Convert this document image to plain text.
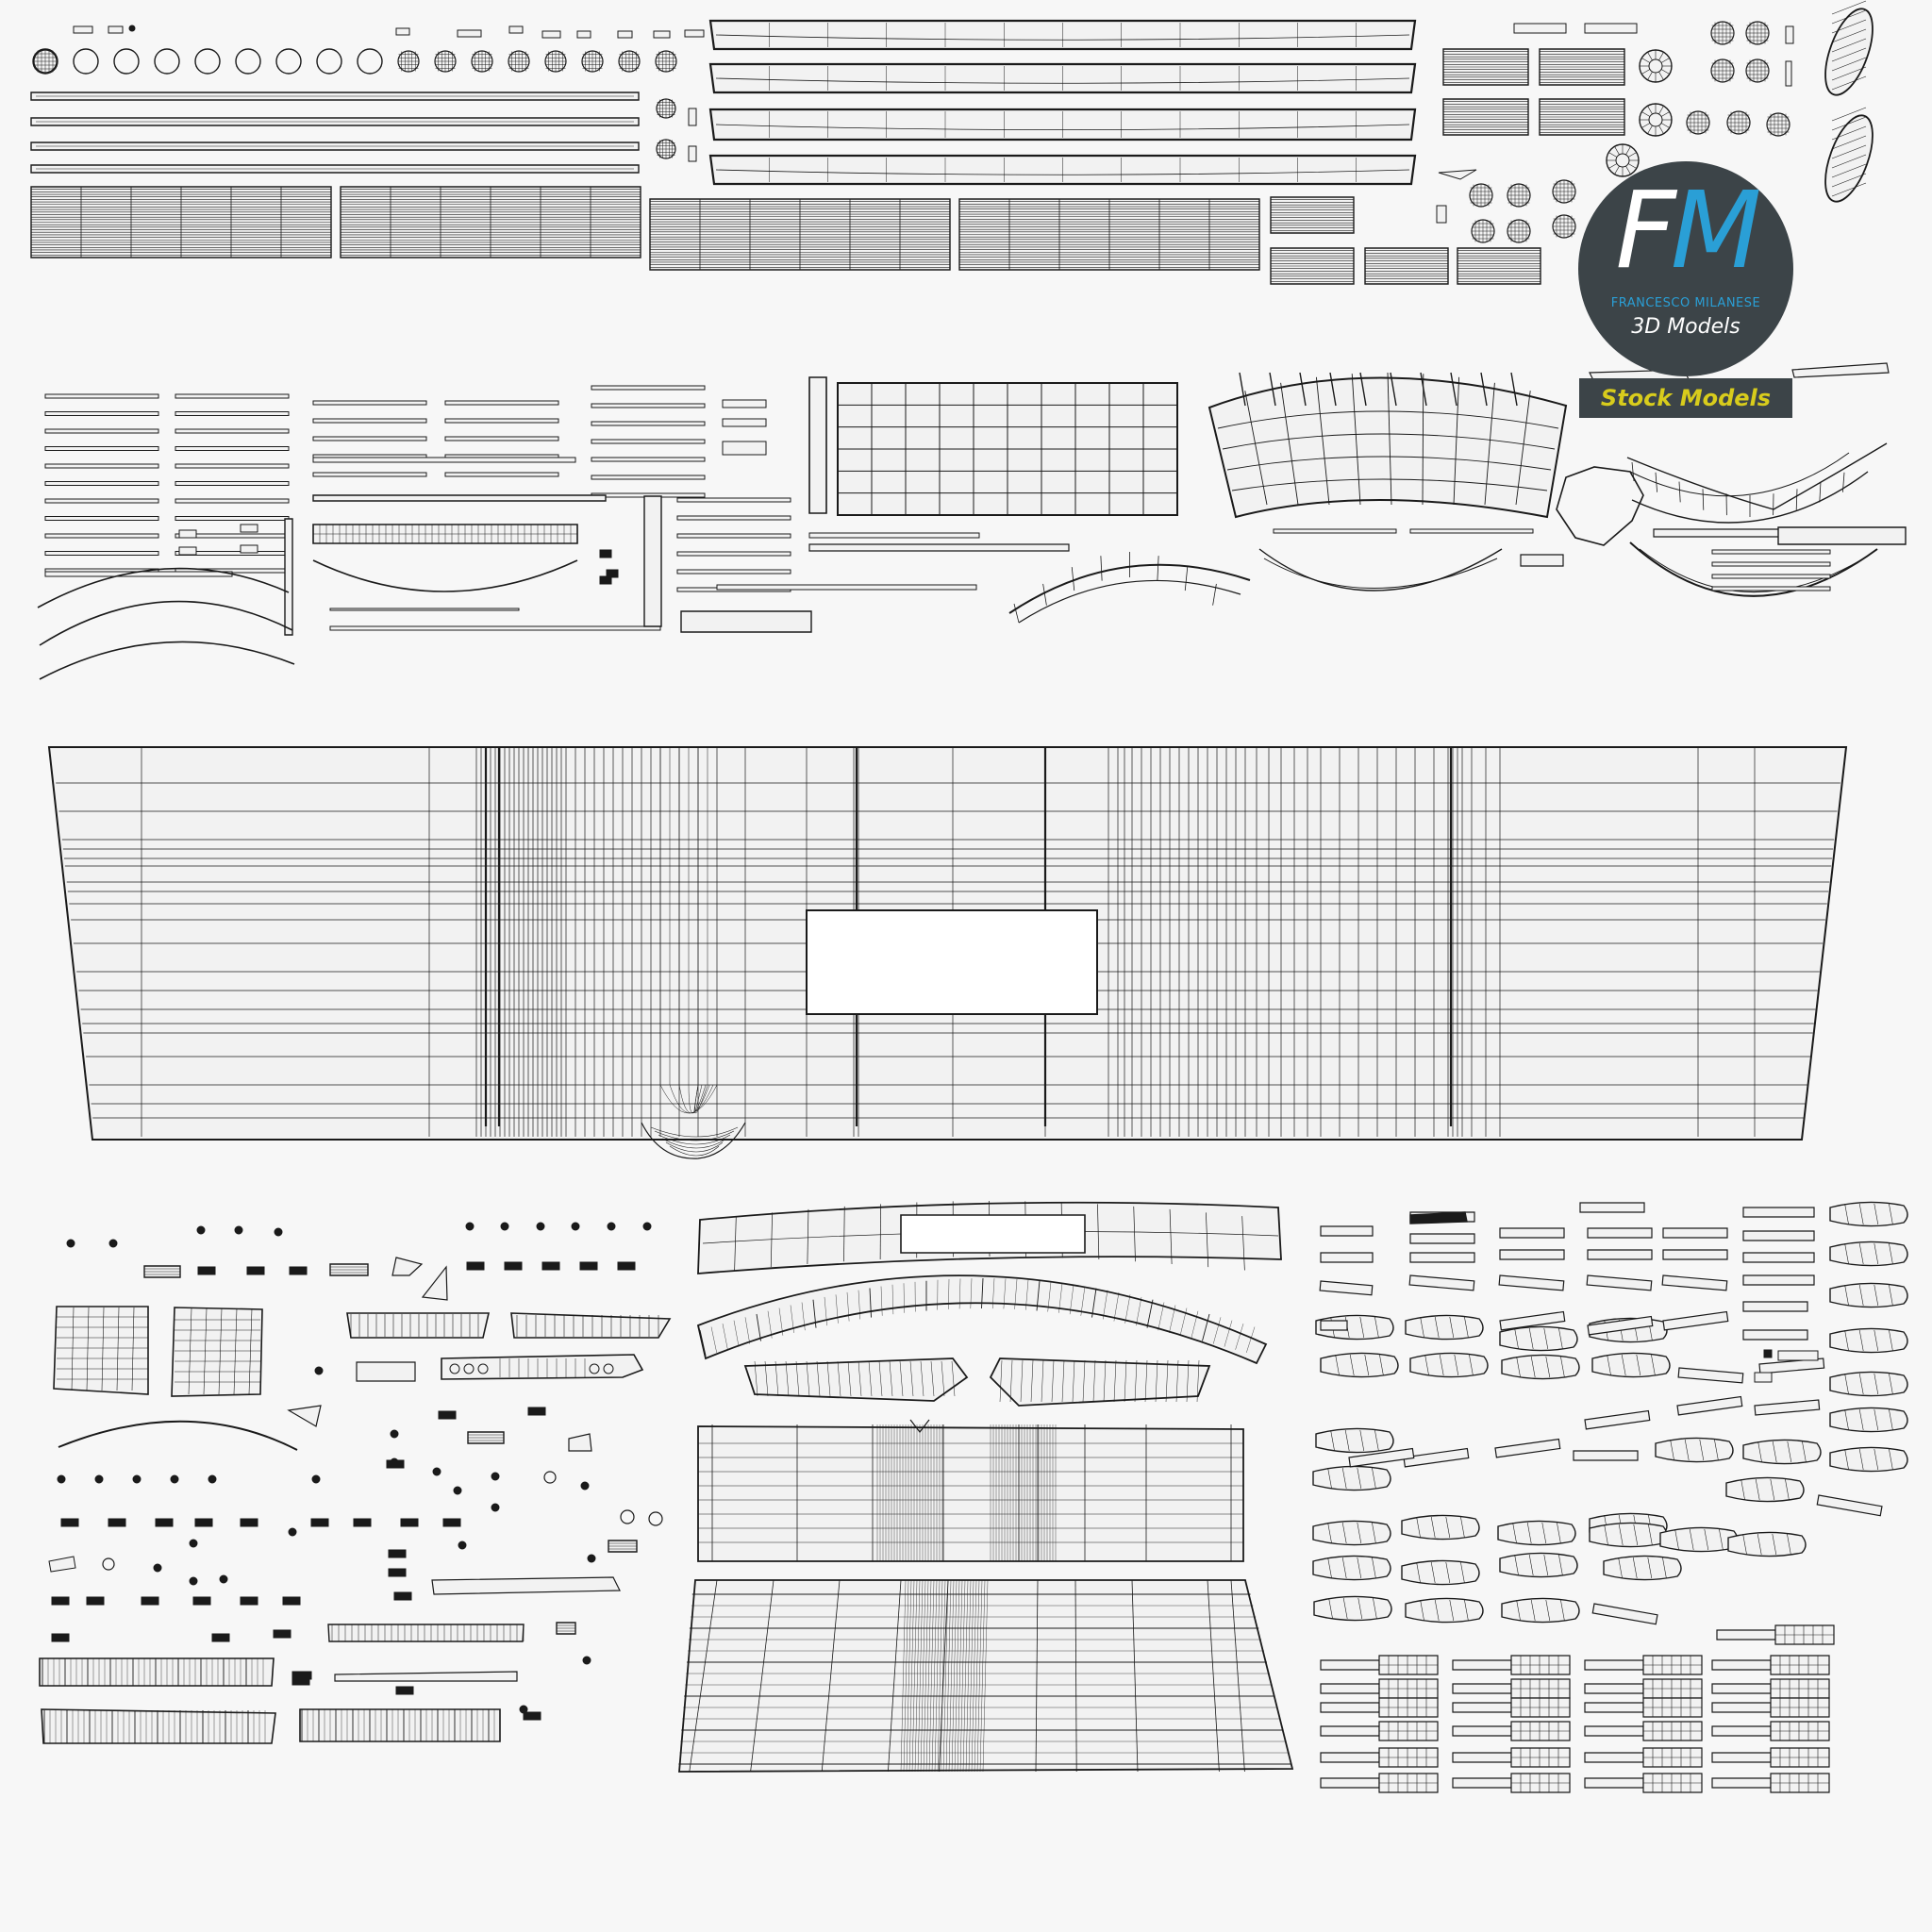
FM
FRANCESCO MILANESE
3D Models
Stock Models
